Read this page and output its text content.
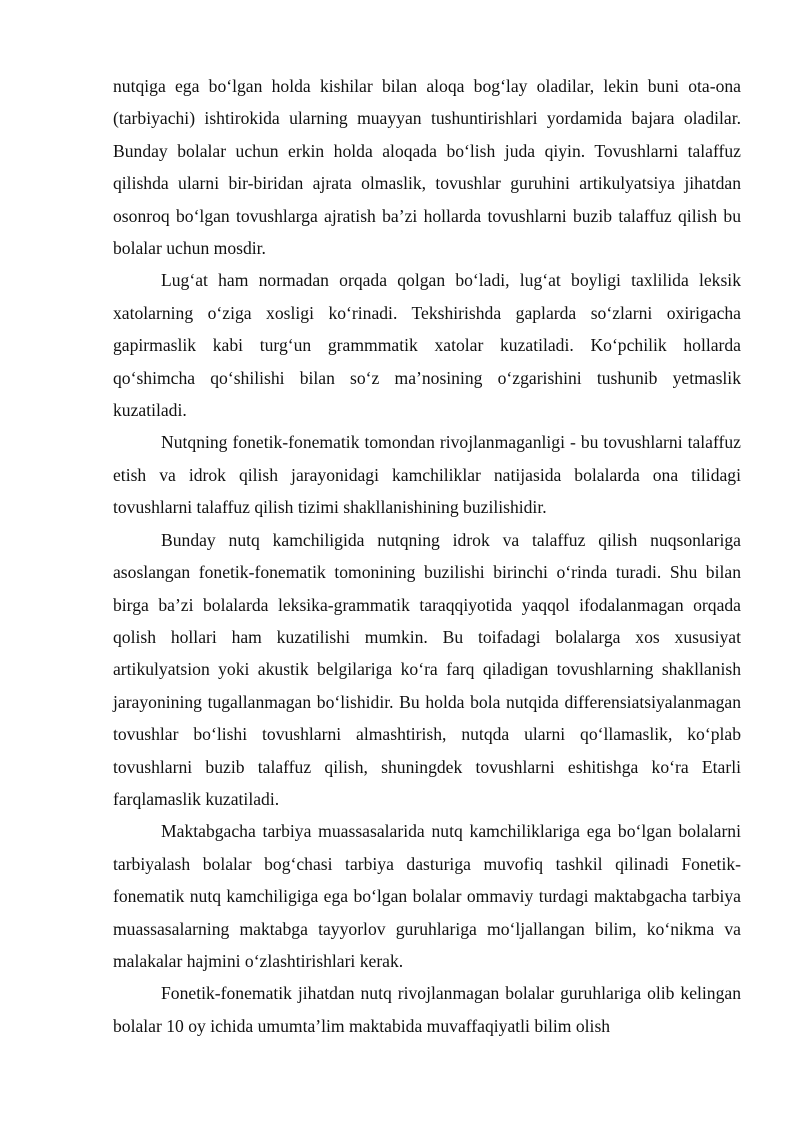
nutqiga ega bo‘lgan holda kishilar bilan aloqa bog‘lay oladilar, lekin buni ota-ona (tarbiyachi) ishtirokida ularning muayyan tushuntirishlari yordamida bajara oladilar. Bunday bolalar uchun erkin holda aloqada bo‘lish juda qiyin. Tovushlarni talaffuz qilishda ularni bir-biridan ajrata olmaslik, tovushlar guruhini artikulyatsiya jihatdan osonroq bo‘lgan tovushlarga ajratish ba’zi hollarda tovushlarni buzib talaffuz qilish bu bolalar uchun mosdir.

Lug‘at ham normadan orqada qolgan bo‘ladi, lug‘at boyligi taxlilida leksik xatolarning o‘ziga xosligi ko‘rinadi. Tekshirishda gaplarda so‘zlarni oxirigacha gapirmaslik kabi turg‘un grammmatik xatolar kuzatiladi. Ko‘pchilik hollarda qo‘shimcha qo‘shilishi bilan so‘z ma’nosining o‘zgarishini tushunib yetmaslik kuzatiladi.

Nutqning fonetik-fonematik tomondan rivojlanmaganligi - bu tovushlarni talaffuz etish va idrok qilish jarayonidagi kamchiliklar natijasida bolalarda ona tilidagi tovushlarni talaffuz qilish tizimi shakllanishining buzilishidir.

Bunday nutq kamchiligida nutqning idrok va talaffuz qilish nuqsonlariga asoslangan fonetik-fonematik tomonining buzilishi birinchi o‘rinda turadi. Shu bilan birga ba’zi bolalarda leksika-grammatik taraqqiyotida yaqqol ifodalanmagan orqada qolish hollari ham kuzatilishi mumkin. Bu toifadagi bolalarga xos xususiyat artikulyatsion yoki akustik belgilariga ko‘ra farq qiladigan tovushlarning shakllanish jarayonining tugallanmagan bo‘lishidir. Bu holda bola nutqida differensiatsiyalanmagan tovushlar bo‘lishi tovushlarni almashtirish, nutqda ularni qo‘llamaslik, ko‘plab tovushlarni buzib talaffuz qilish, shuningdek tovushlarni eshitishga ko‘ra Etarli farqlamaslik kuzatiladi.

Maktabgacha tarbiya muassasalarida nutq kamchiliklariga ega bo‘lgan bolalarni tarbiyalash bolalar bog‘chasi tarbiya dasturiga muvofiq tashkil qilinadi Fonetik- fonematik nutq kamchiligiga ega bo‘lgan bolalar ommaviy turdagi maktabgacha tarbiya muassasalarning maktabga tayyorlov guruhlariga mo‘ljallangan bilim, ko‘nikma va malakalar hajmini o‘zlashtirishlari kerak.

Fonetik-fonematik jihatdan nutq rivojlanmagan bolalar guruhlariga olib kelingan bolalar 10 oy ichida umumta’lim maktabida muvaffaqiyatli bilim olish
